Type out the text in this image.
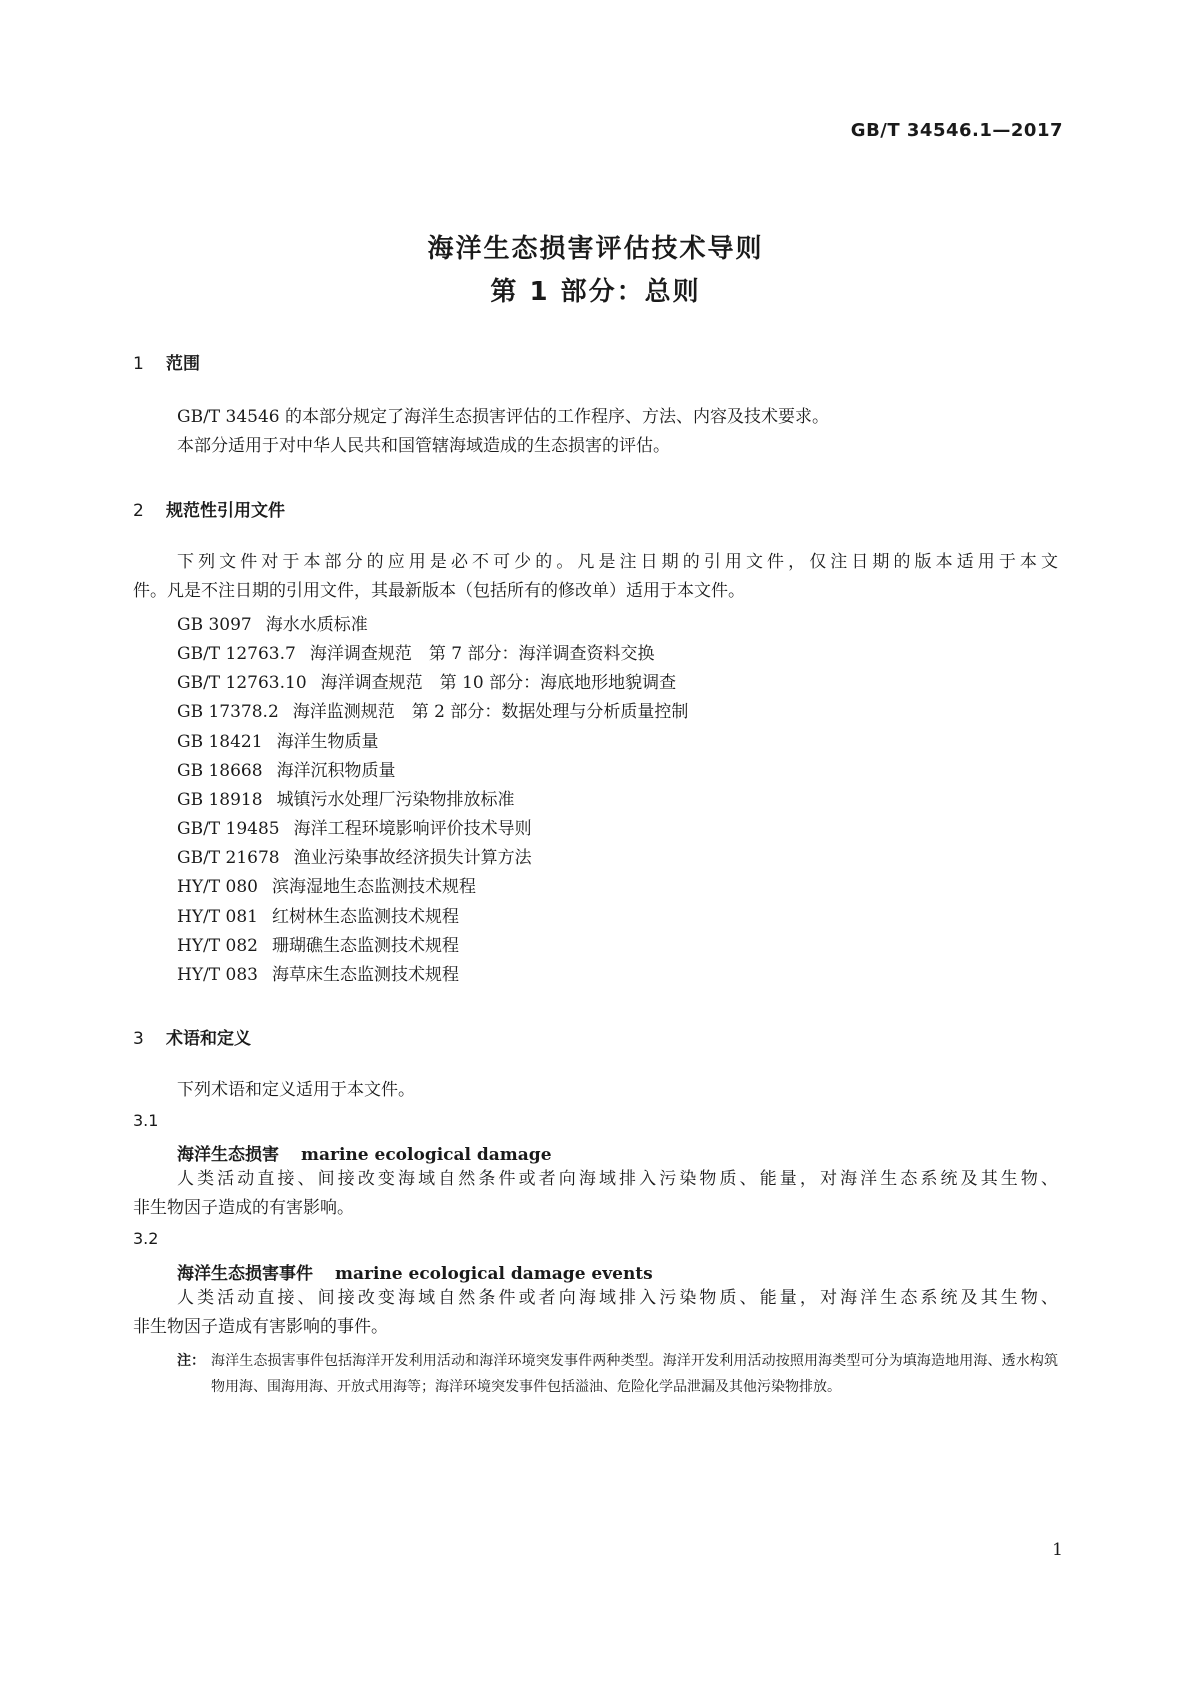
GB/T 34546.1—2017
海洋生态损害评估技术导则
第 1 部分：总则
1 范围
GB/T 34546 的本部分规定了海洋生态损害评估的工作程序、方法、内容及技术要求。
本部分适用于对中华人民共和国管辖海域造成的生态损害的评估。
2 规范性引用文件
下列文件对于本部分的应用是必不可少的。凡是注日期的引用文件，仅注日期的版本适用于本文
件。凡是不注日期的引用文件，其最新版本（包括所有的修改单）适用于本文件。
GB 3097 海水水质标准
GB/T 12763.7 海洋调查规范　第 7 部分：海洋调查资料交换
GB/T 12763.10 海洋调查规范　第 10 部分：海底地形地貌调查
GB 17378.2 海洋监测规范　第 2 部分：数据处理与分析质量控制
GB 18421 海洋生物质量
GB 18668 海洋沉积物质量
GB 18918 城镇污水处理厂污染物排放标准
GB/T 19485 海洋工程环境影响评价技术导则
GB/T 21678 渔业污染事故经济损失计算方法
HY/T 080 滨海湿地生态监测技术规程
HY/T 081 红树林生态监测技术规程
HY/T 082 珊瑚礁生态监测技术规程
HY/T 083 海草床生态监测技术规程
3 术语和定义
下列术语和定义适用于本文件。
3.1
海洋生态损害 marine ecological damage
人类活动直接、间接改变海域自然条件或者向海域排入污染物质、能量，对海洋生态系统及其生物、
非生物因子造成的有害影响。
3.2
海洋生态损害事件 marine ecological damage events
人类活动直接、间接改变海域自然条件或者向海域排入污染物质、能量，对海洋生态系统及其生物、
非生物因子造成有害影响的事件。
注： 海洋生态损害事件包括海洋开发利用活动和海洋环境突发事件两种类型。海洋开发利用活动按照用海类型可分为填海造地用海、透水构筑物用海、围海用海、开放式用海等；海洋环境突发事件包括溢油、危险化学品泄漏及其他污染物排放。
1
